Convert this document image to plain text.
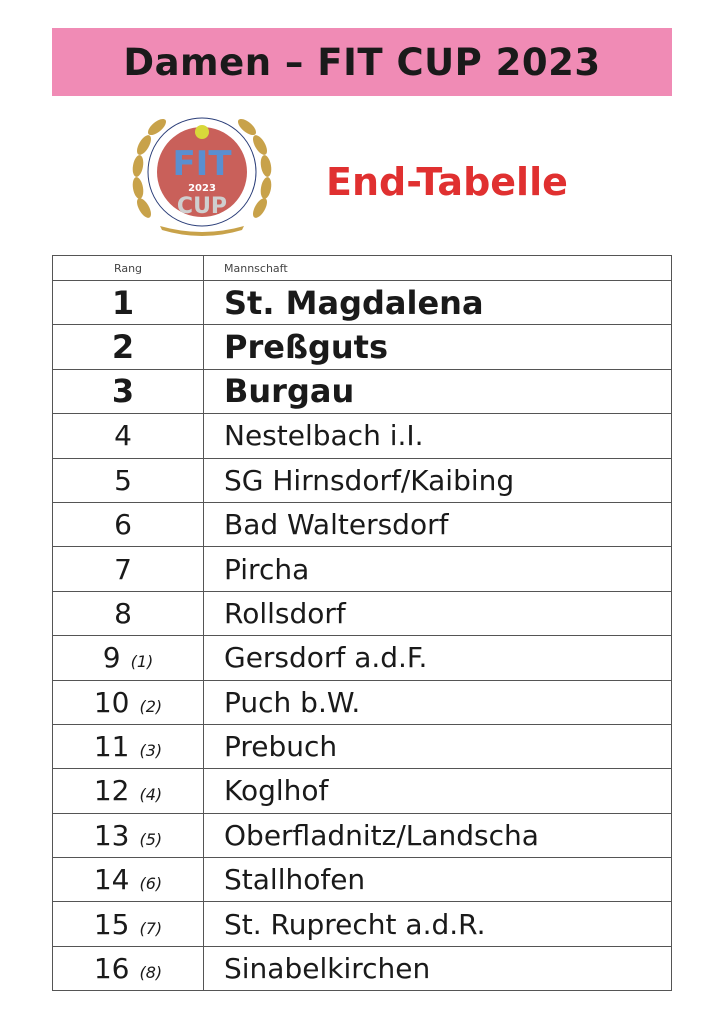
Damen – FIT CUP 2023
FIT
2023
CUP
End-Tabelle
Rang	Mannschaft
1	St. Magdalena
2	Preßguts
3	Burgau
4	Nestelbach i.I.
5	SG Hirnsdorf/Kaibing
6	Bad Waltersdorf
7	Pircha
8	Rollsdorf
9 (1)	Gersdorf a.d.F.
10 (2)	Puch b.W.
11 (3)	Prebuch
12 (4)	Koglhof
13 (5)	Oberfladnitz/Landscha
14 (6)	Stallhofen
15 (7)	St. Ruprecht a.d.R.
16 (8)	Sinabelkirchen
